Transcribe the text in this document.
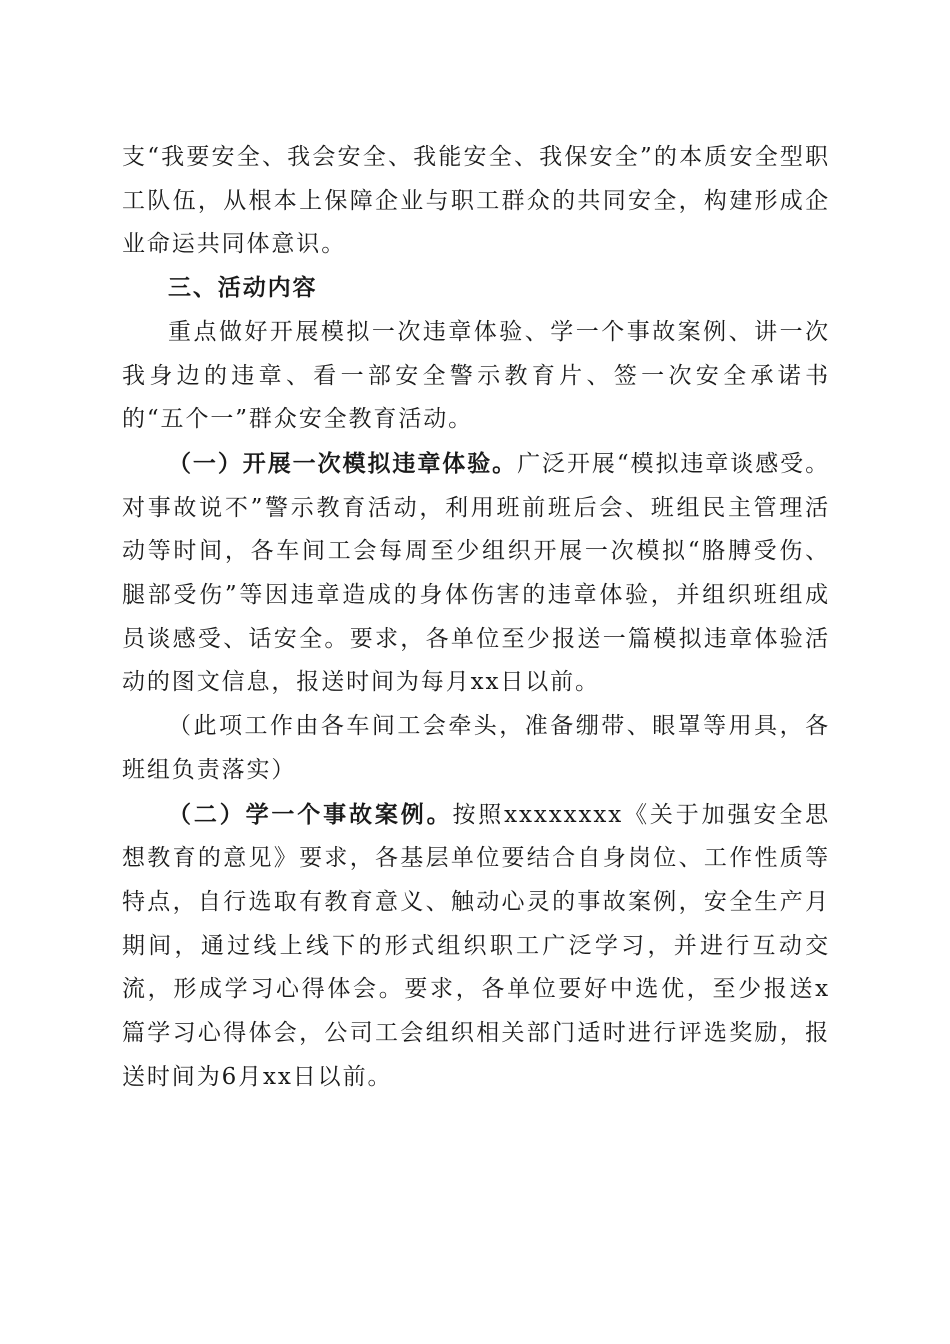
支“我要安全、我会安全、我能安全、我保安全”的本质安全型职工队伍，从根本上保障企业与职工群众的共同安全，构建形成企业命运共同体意识。

三、活动内容

重点做好开展模拟一次违章体验、学一个事故案例、讲一次我身边的违章、看一部安全警示教育片、签一次安全承诺书的“五个一”群众安全教育活动。

（一）开展一次模拟违章体验。广泛开展“模拟违章谈感受。对事故说不”警示教育活动，利用班前班后会、班组民主管理活动等时间，各车间工会每周至少组织开展一次模拟“胳膊受伤、腿部受伤”等因违章造成的身体伤害的违章体验，并组织班组成员谈感受、话安全。要求，各单位至少报送一篇模拟违章体验活动的图文信息，报送时间为每月xx日以前。

（此项工作由各车间工会牵头，准备绷带、眼罩等用具，各班组负责落实）

（二）学一个事故案例。按照xxxxxxxx《关于加强安全思想教育的意见》要求，各基层单位要结合自身岗位、工作性质等特点，自行选取有教育意义、触动心灵的事故案例，安全生产月期间，通过线上线下的形式组织职工广泛学习，并进行互动交流，形成学习心得体会。要求，各单位要好中选优，至少报送x篇学习心得体会，公司工会组织相关部门适时进行评选奖励，报送时间为6月xx日以前。
